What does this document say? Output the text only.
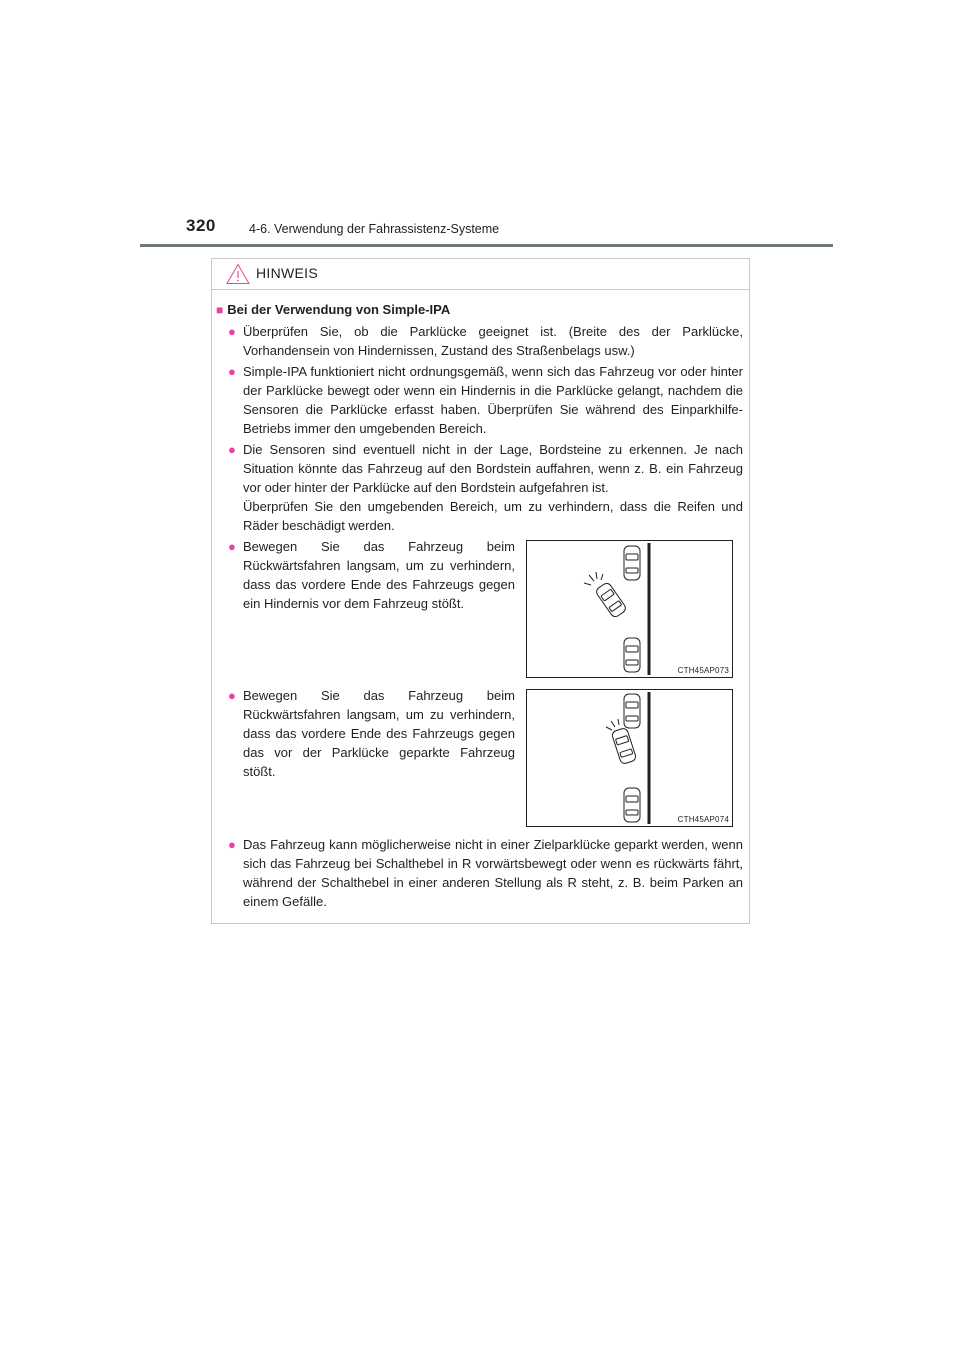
320	4-6. Verwendung der Fahrassistenz-Systeme
HINWEIS
■ Bei der Verwendung von Simple-IPA
● Überprüfen Sie, ob die Parklücke geeignet ist. (Breite des der Parklücke, Vorhandensein von Hindernissen, Zustand des Straßenbelags usw.)
● Simple-IPA funktioniert nicht ordnungsgemäß, wenn sich das Fahrzeug vor oder hinter der Parklücke bewegt oder wenn ein Hindernis in die Parklücke gelangt, nachdem die Sensoren die Parklücke erfasst haben. Überprüfen Sie während des Einparkhilfe-Betriebs immer den umgebenden Bereich.
● Die Sensoren sind eventuell nicht in der Lage, Bordsteine zu erkennen. Je nach Situation könnte das Fahrzeug auf den Bordstein auffahren, wenn z. B. ein Fahrzeug vor oder hinter der Parklücke auf den Bordstein aufgefahren ist.
Überprüfen Sie den umgebenden Bereich, um zu verhindern, dass die Reifen und Räder beschädigt werden.
● Bewegen Sie das Fahrzeug beim Rückwärtsfahren langsam, um zu verhindern, dass das vordere Ende des Fahrzeugs gegen ein Hindernis vor dem Fahrzeug stößt.
CTH45AP073
● Bewegen Sie das Fahrzeug beim Rückwärtsfahren langsam, um zu verhindern, dass das vordere Ende des Fahrzeugs gegen das vor der Parklücke geparkte Fahrzeug stößt.
CTH45AP074
● Das Fahrzeug kann möglicherweise nicht in einer Zielparklücke geparkt werden, wenn sich das Fahrzeug bei Schalthebel in R vorwärtsbewegt oder wenn es rückwärts fährt, während der Schalthebel in einer anderen Stellung als R steht, z. B. beim Parken an einem Gefälle.
